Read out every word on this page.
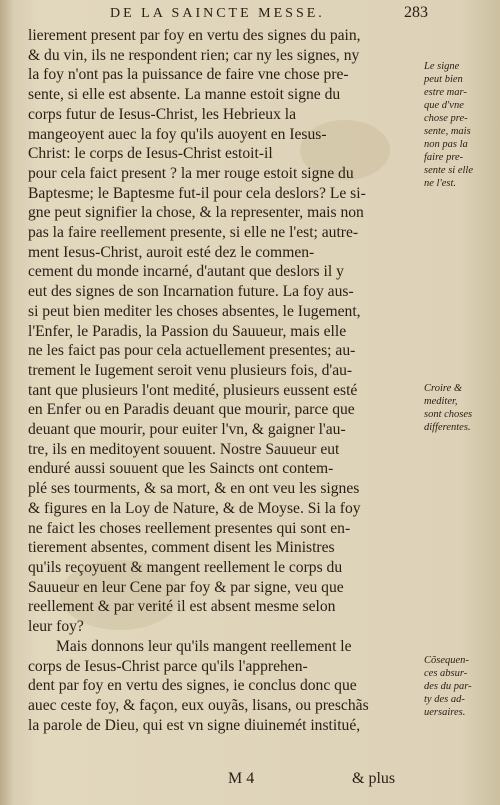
DE LA SAINCTE MESSE.	283
lierement present par foy en vertu des signes du pain,
& du vin, ils ne respondent rien; car ny les signes, ny
la foy n'ont pas la puissance de faire vne chose pre-
sente, si elle est absente. La manne estoit signe du
corps futur de Iesus-Christ, les Hebrieux la
mangeoyent auec la foy qu'ils auoyent en Iesus-
Christ: le corps de Iesus-Christ estoit-il
pour cela faict present ? la mer rouge estoit signe du
Baptesme; le Baptesme fut-il pour cela deslors? Le si-
gne peut signifier la chose, & la representer, mais non
pas la faire reellement presente, si elle ne l'est; autre-
ment Iesus-Christ, auroit esté dez le commen-
cement du monde incarné, d'autant que deslors il y
eut des signes de son Incarnation future. La foy aus-
si peut bien mediter les choses absentes, le Iugement,
l'Enfer, le Paradis, la Passion du Sauueur, mais elle
ne les faict pas pour cela actuellement presentes; au-
trement le Iugement seroit venu plusieurs fois, d'au-
tant que plusieurs l'ont medité, plusieurs eussent esté
en Enfer ou en Paradis deuant que mourir, parce que
deuant que mourir, pour euiter l'vn, & gaigner l'au-
tre, ils en meditoyent souuent. Nostre Sauueur eut
enduré aussi souuent que les Saincts ont contem-
plé ses tourments, & sa mort, & en ont veu les signes
& figures en la Loy de Nature, & de Moyse. Si la foy
ne faict les choses reellement presentes qui sont en-
tierement absentes, comment disent les Ministres
qu'ils reçoyuent & mangent reellement le corps du
Sauueur en leur Cene par foy & par signe, veu que
reellement & par verité il est absent mesme selon
leur foy?
Mais donnons leur qu'ils mangent reellement le
corps de Iesus-Christ parce qu'ils l'apprehen-
dent par foy en vertu des signes, ie conclus donc que
auec ceste foy, & façon, eux ouyãs, lisans, ou preschãs
la parole de Dieu, qui est vn signe diuinemét institué,
Le signe
peut bien
estre mar-
que d'vne
chose pre-
sente, mais
non pas la
faire pre-
sente si elle
ne l'est.
Croire &
mediter,
sont choses
differentes.
Cõsequen-
ces absur-
des du par-
ty des ad-
uersaires.
M 4	& plus
